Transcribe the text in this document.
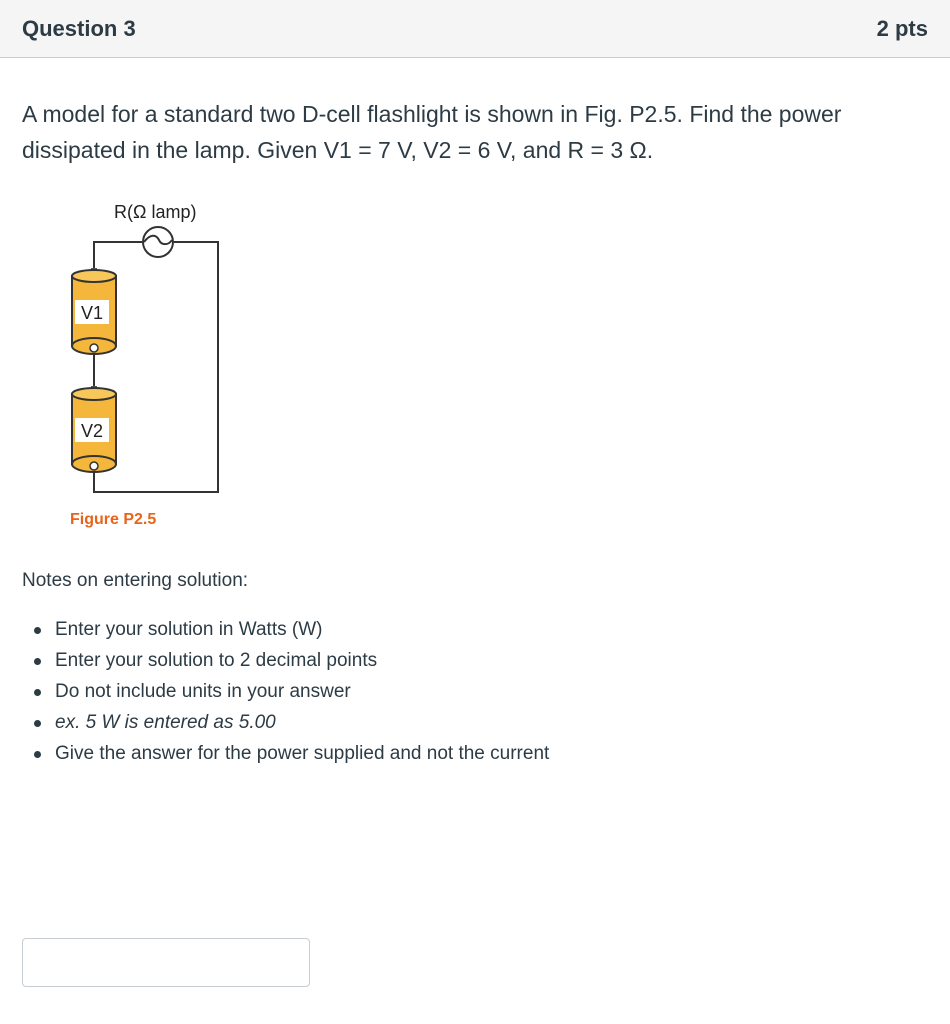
Question 3	2 pts
A model for a standard two D-cell flashlight is shown in Fig. P2.5. Find the power
dissipated in the lamp. Given V1 = 7 V, V2 = 6 V, and R = 3 Ω.
R(Ω lamp)
V1
V2
Figure P2.5
Notes on entering solution:
Enter your solution in Watts (W)
Enter your solution to 2 decimal points
Do not include units in your answer
ex. 5 W is entered as 5.00
Give the answer for the power supplied and not the current
